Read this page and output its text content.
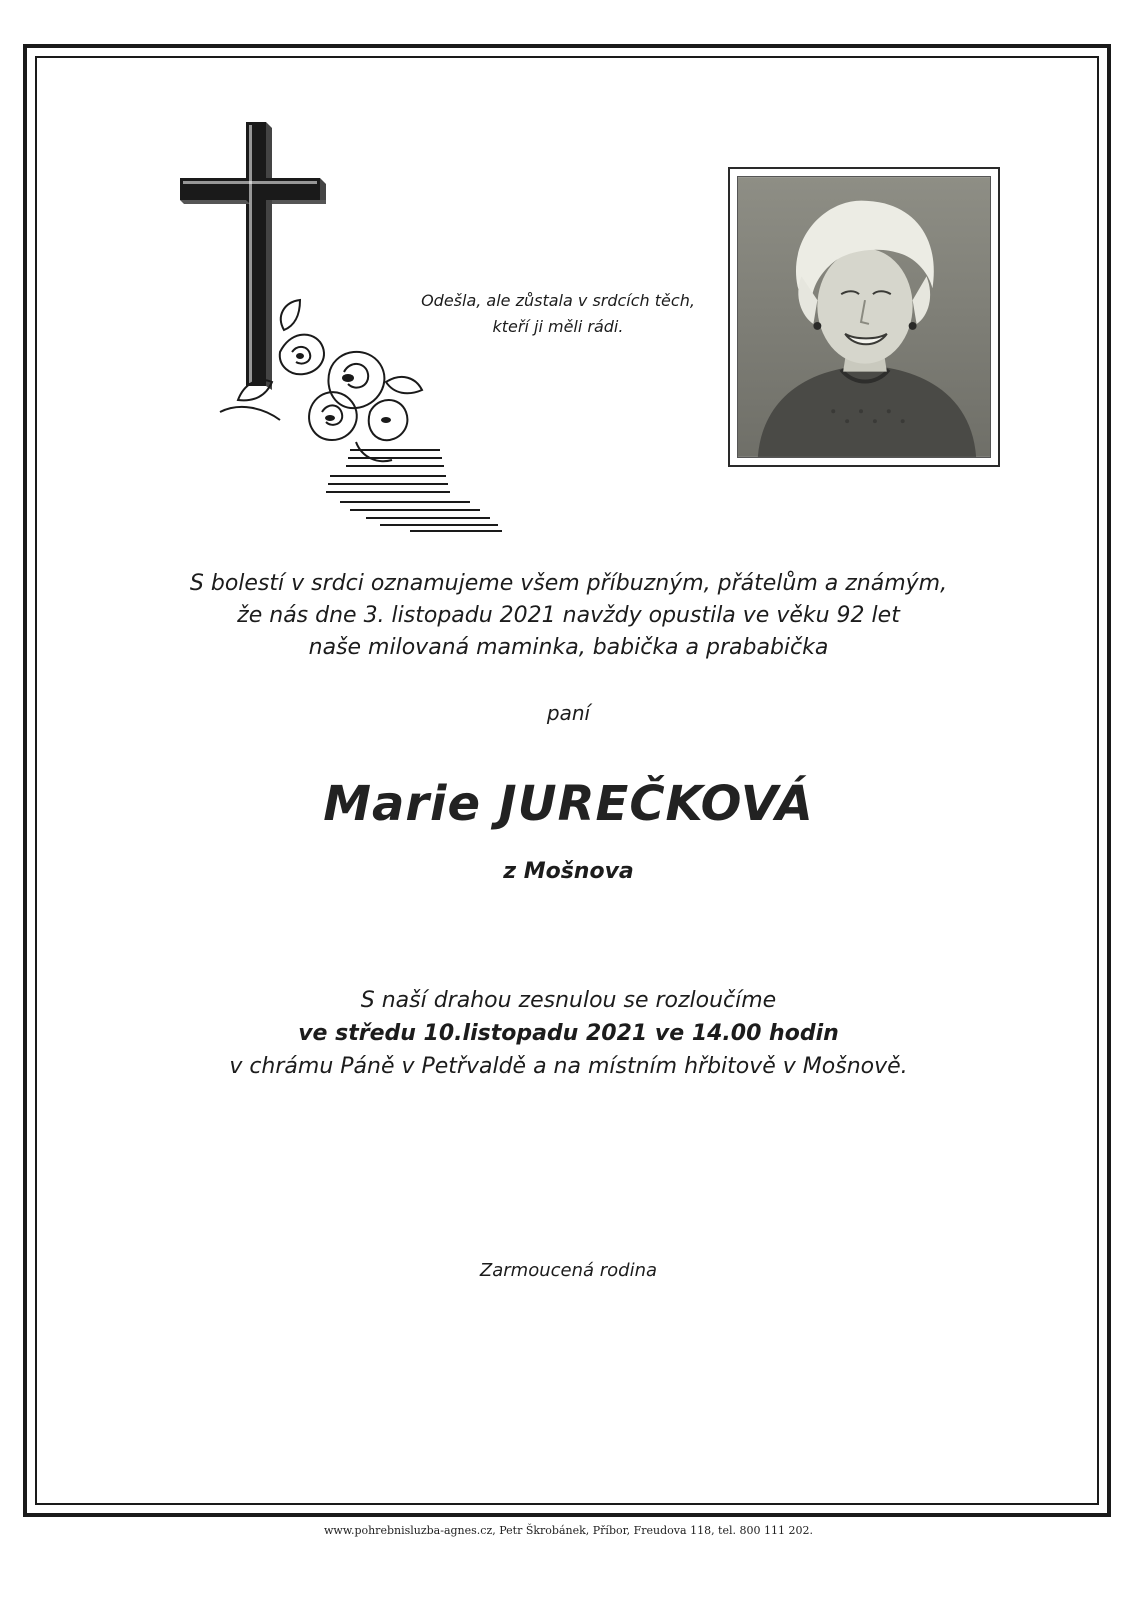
Odešla, ale zůstala v srdcích těch,
kteří ji měli rádi.
S bolestí v srdci oznamujeme všem příbuzným, přátelům a známým,
že nás dne 3. listopadu 2021 navždy opustila ve věku 92 let
naše milovaná maminka, babička a prababička
paní
Marie JUREČKOVÁ
z Mošnova
S naší drahou zesnulou se rozloučíme
ve středu 10.listopadu 2021 ve 14.00 hodin
v chrámu Páně v Petřvaldě a na místním hřbitově v Mošnově.
Zarmoucená rodina
www.pohrebnisluzba-agnes.cz, Petr Škrobánek, Příbor, Freudova 118, tel. 800 111 202.
